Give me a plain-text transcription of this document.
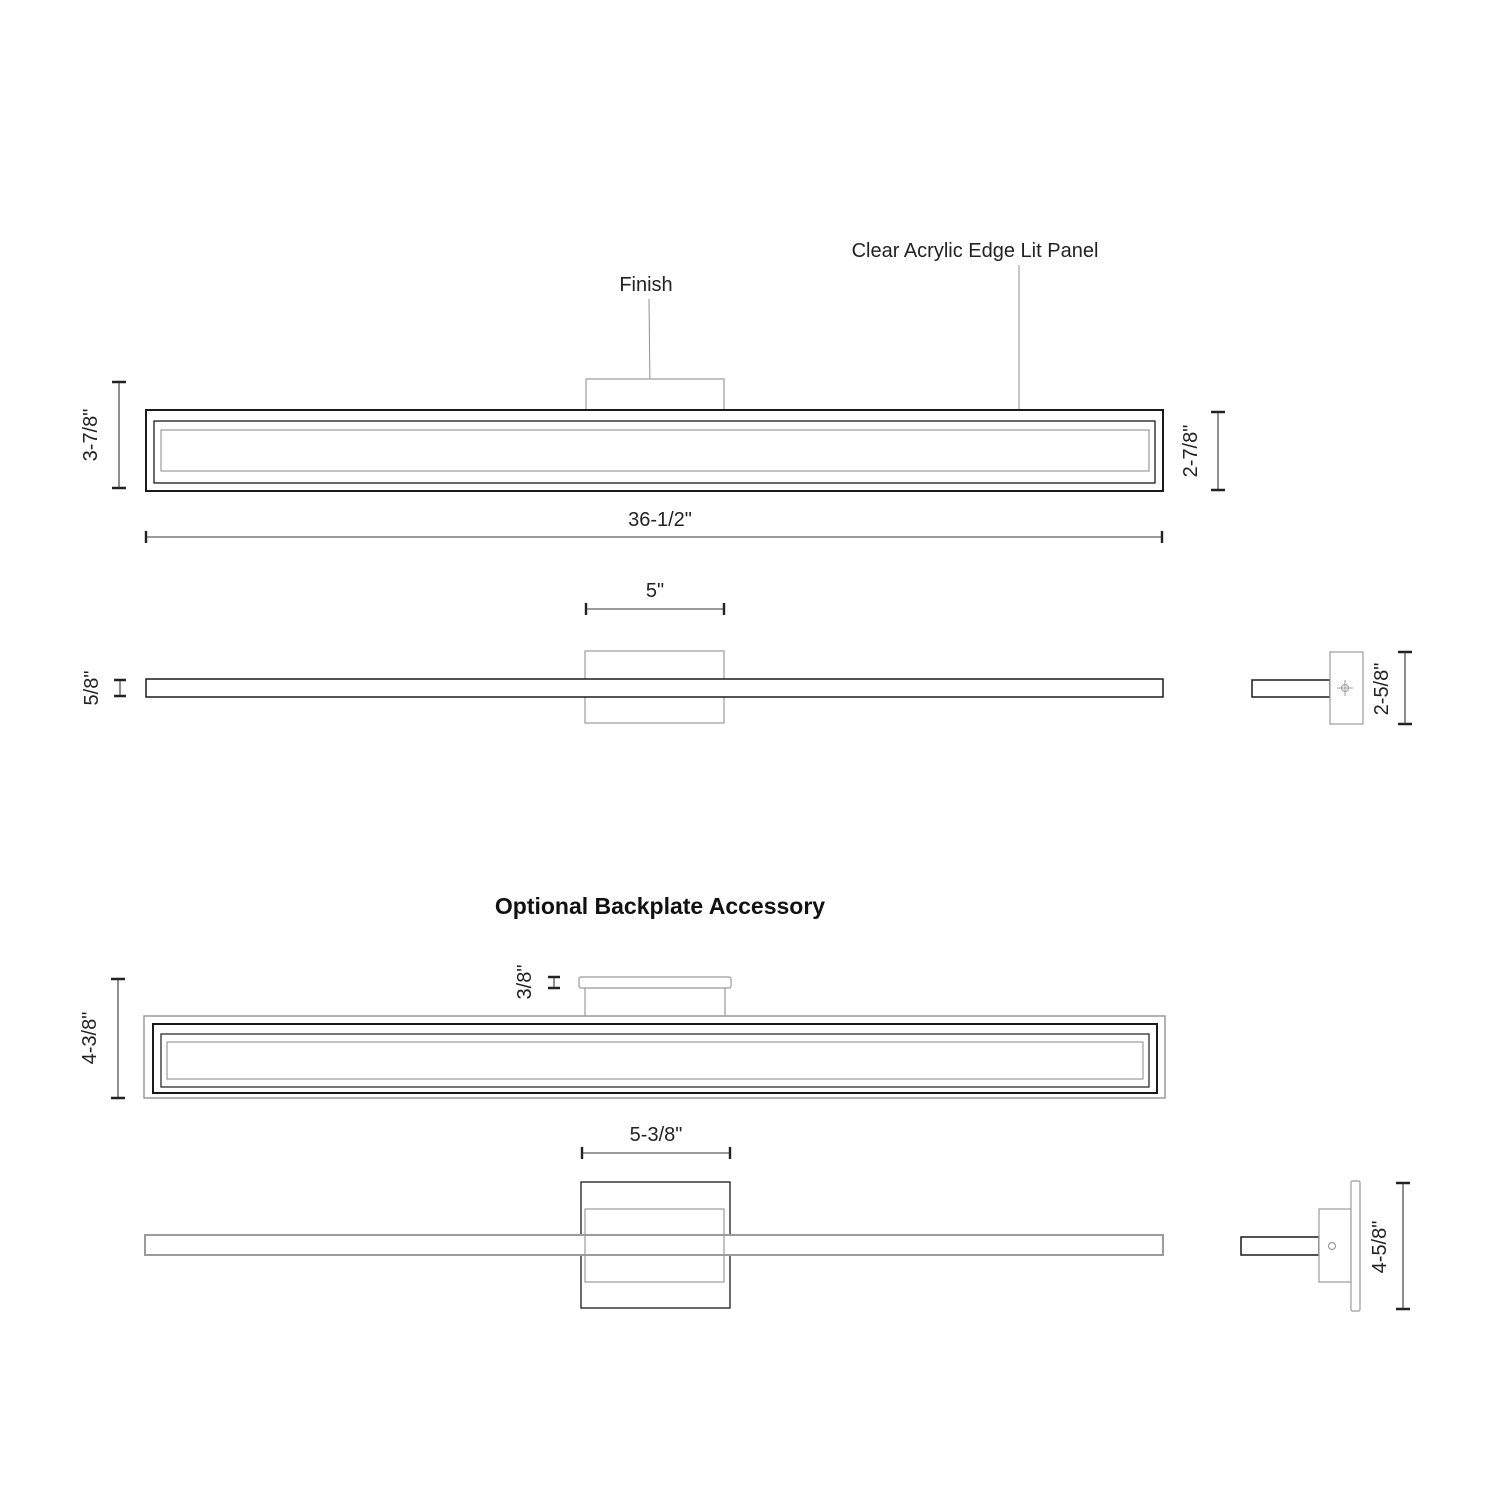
Finish
Clear Acrylic Edge Lit Panel
3-7/8"	2-7/8"
36-1/2"
5"
5/8"	2-5/8"
Optional Backplate Accessory
3/8"
4-3/8"
5-3/8"
4-5/8"
